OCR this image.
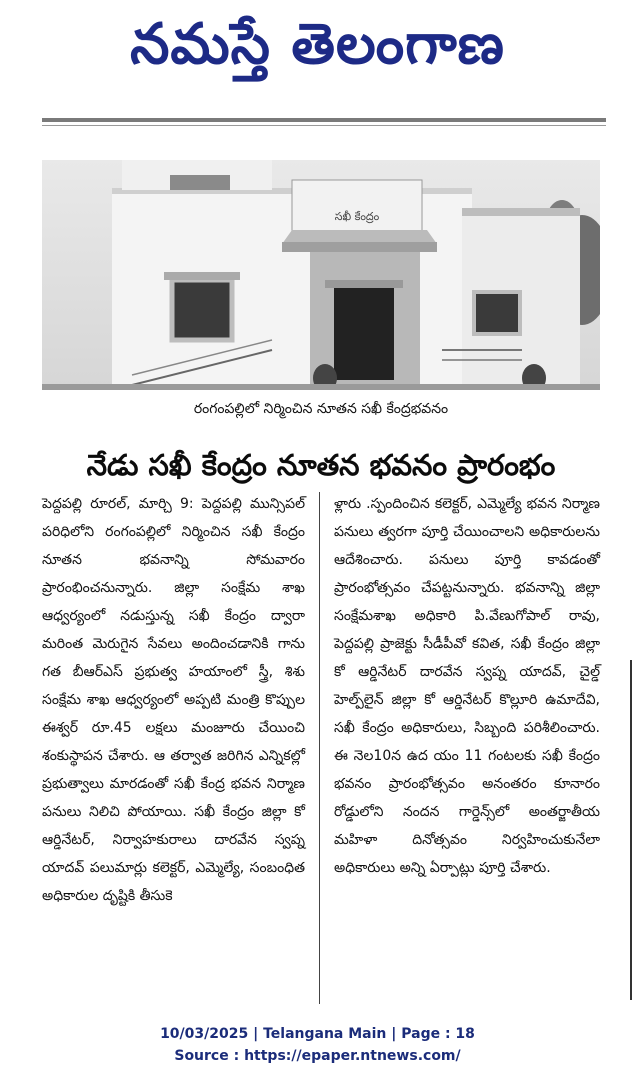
నమస్తే తెలంగాణ
సఖీ కేంద్రం
రంగంపల్లిలో నిర్మించిన నూతన సఖీ కేంద్రభవనం
నేడు సఖీ కేంద్రం నూతన భవనం ప్రారంభం

పెద్దపల్లి రూరల్, మార్చి 9: పెద్దపల్లి మున్సిపల్ పరిధిలోని రంగంపల్లిలో నిర్మించిన సఖీ కేంద్రం నూతన భవనాన్ని సోమవారం ప్రారంభించనున్నారు. జిల్లా సంక్షేమ శాఖ ఆధ్వర్యంలో నడుస్తున్న సఖీ కేంద్రం ద్వారా మరింత మెరుగైన సేవలు అందించడానికి గాను గత బీఆర్ఎస్ ప్రభుత్వ హయాంలో స్త్రీ, శిశు సంక్షేమ శాఖ ఆధ్వర్యంలో అప్పటి మంత్రి కొప్పుల ఈశ్వర్ రూ.45 లక్షలు మంజూరు చేయించి శంకుస్థాపన చేశారు. ఆ తర్వాత జరిగిన ఎన్నికల్లో ప్రభుత్వాలు మారడంతో సఖీ కేంద్ర భవన నిర్మాణ పనులు నిలిచి పోయాయి. సఖీ కేంద్రం జిల్లా కో ఆర్డినేటర్, నిర్వాహకురాలు దారవేన స్వప్న యాదవ్ పలుమార్లు కలెక్టర్, ఎమ్మెల్యే, సంబంధిత అధికారుల దృష్టికి తీసుకె

ళ్లారు .స్పందించిన కలెక్టర్, ఎమ్మెల్యే భవన నిర్మాణ పనులు త్వరగా పూర్తి చేయించాలని అధికారులను ఆదేశించారు. పనులు పూర్తి కావడంతో ప్రారంభోత్సవం చేపట్టనున్నారు. భవనాన్ని జిల్లా సంక్షేమశాఖ అధికారి పి.వేణుగోపాల్ రావు, పెద్దపల్లి ప్రాజెక్టు సీడీపీవో కవిత, సఖీ కేంద్రం జిల్లా కో ఆర్డినేటర్ దారవేన స్వప్న యాదవ్, చైల్డ్ హెల్ప్‌లైన్ జిల్లా కో ఆర్డినేటర్ కొల్లూరి ఉమాదేవి, సఖీ కేంద్రం అధికారులు, సిబ్బంది పరిశీలించారు. ఈ నెల10న ఉద యం 11 గంటలకు సఖీ కేంద్రం భవనం ప్రారంభోత్సవం అనంతరం కూనారం రోడ్డులోని నందన గార్డెన్స్‌లో అంతర్జాతీయ మహిళా దినోత్సవం నిర్వహించుకునేలా అధికారులు అన్ని ఏర్పాట్లు పూర్తి చేశారు.

10/03/2025 | Telangana Main | Page : 18
Source : https://epaper.ntnews.com/
